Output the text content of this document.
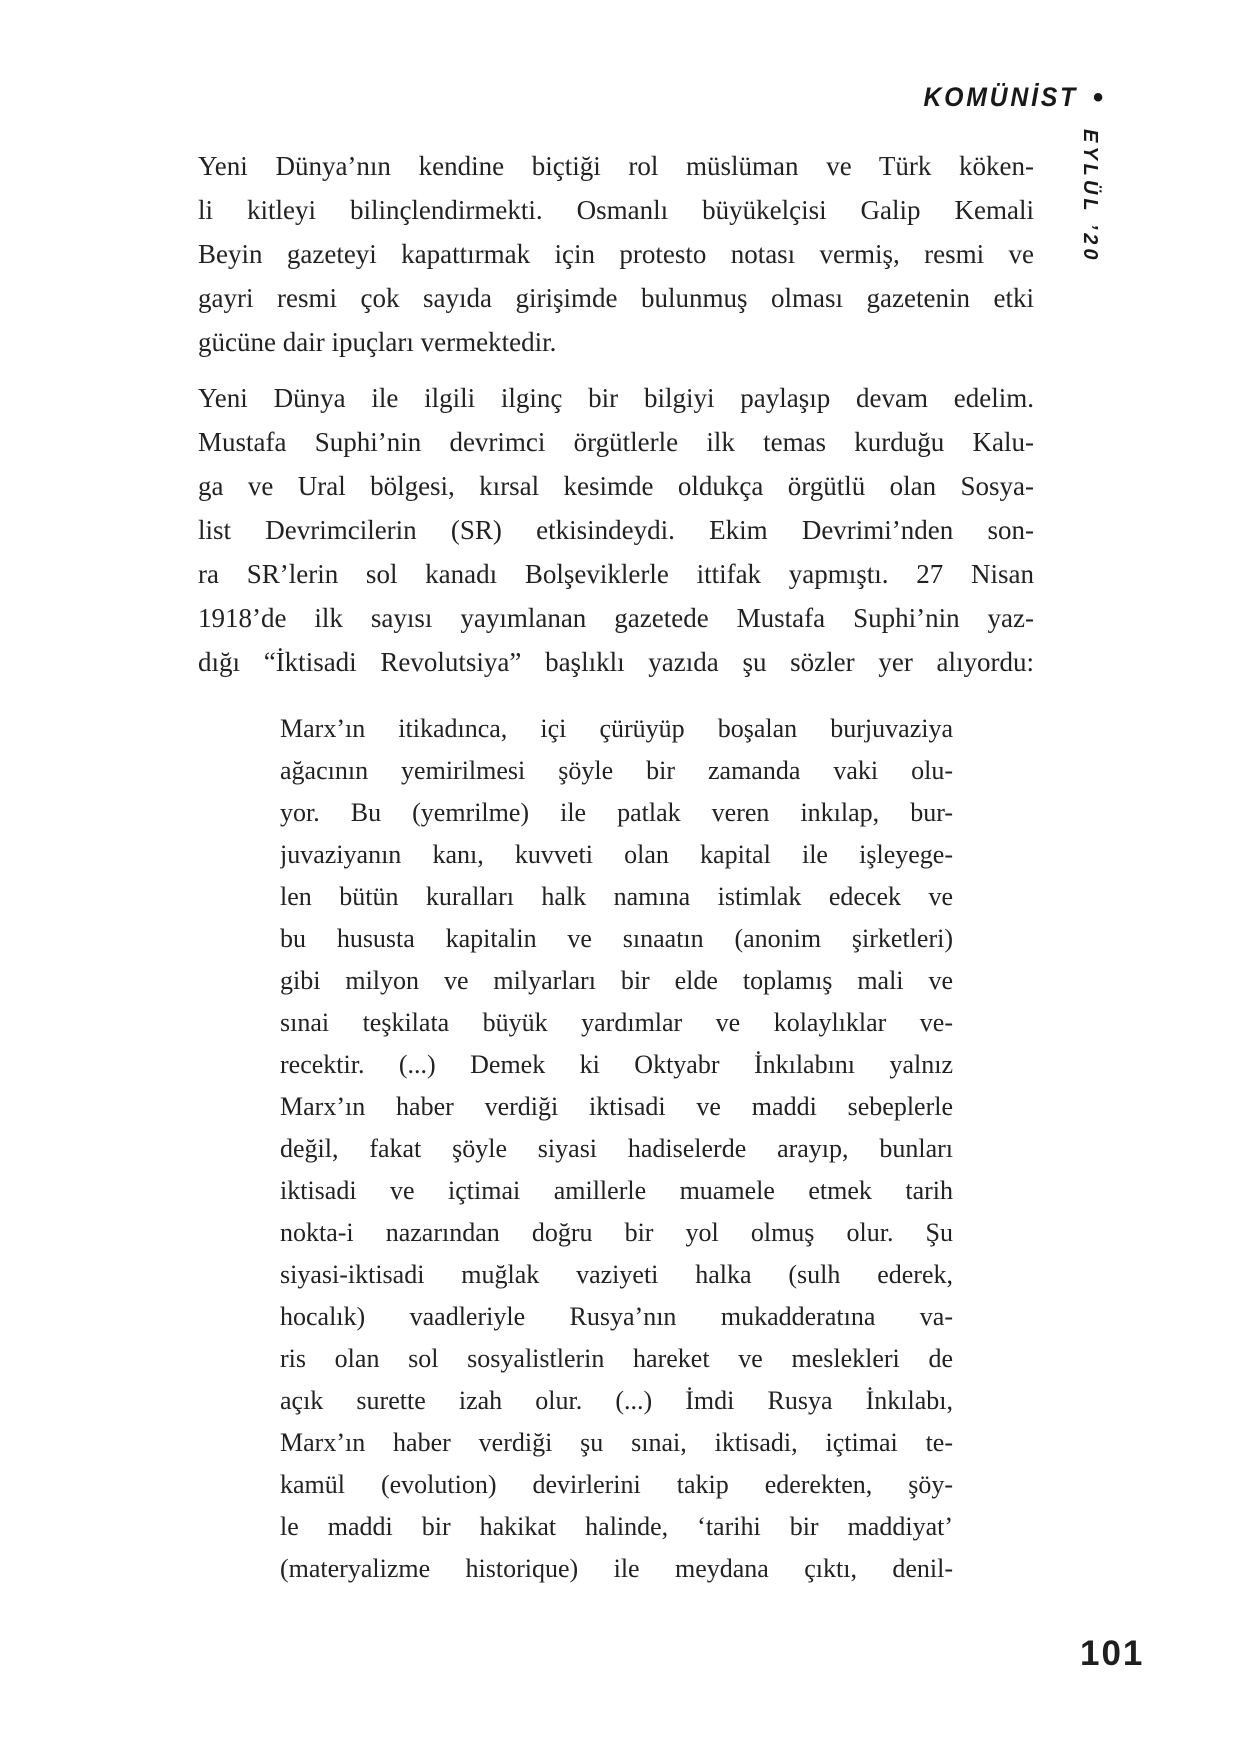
KOMÜNİST •
EYLÜL ’20
Yeni Dünya’nın kendine biçtiği rol müslüman ve Türk köken-
li kitleyi bilinçlendirmekti. Osmanlı büyükelçisi Galip Kemali
Beyin gazeteyi kapattırmak için protesto notası vermiş, resmi ve
gayri resmi çok sayıda girişimde bulunmuş olması gazetenin etki
gücüne dair ipuçları vermektedir.
Yeni Dünya ile ilgili ilginç bir bilgiyi paylaşıp devam edelim.
Mustafa Suphi’nin devrimci örgütlerle ilk temas kurduğu Kalu-
ga ve Ural bölgesi, kırsal kesimde oldukça örgütlü olan Sosya-
list Devrimcilerin (SR) etkisindeydi. Ekim Devrimi’nden son-
ra SR’lerin sol kanadı Bolşeviklerle ittifak yapmıştı. 27 Nisan
1918’de ilk sayısı yayımlanan gazetede Mustafa Suphi’nin yaz-
dığı “İktisadi Revolutsiya” başlıklı yazıda şu sözler yer alıyordu:
Marx’ın itikadınca, içi çürüyüp boşalan burjuvaziya
ağacının yemirilmesi şöyle bir zamanda vaki olu-
yor. Bu (yemrilme) ile patlak veren inkılap, bur-
juvaziyanın kanı, kuvveti olan kapital ile işleyege-
len bütün kuralları halk namına istimlak edecek ve
bu hususta kapitalin ve sınaatın (anonim şirketleri)
gibi milyon ve milyarları bir elde toplamış mali ve
sınai teşkilata büyük yardımlar ve kolaylıklar ve-
recektir. (...) Demek ki Oktyabr İnkılabını yalnız
Marx’ın haber verdiği iktisadi ve maddi sebeplerle
değil, fakat şöyle siyasi hadiselerde arayıp, bunları
iktisadi ve içtimai amillerle muamele etmek tarih
nokta-i nazarından doğru bir yol olmuş olur. Şu
siyasi-iktisadi muğlak vaziyeti halka (sulh ederek,
hocalık) vaadleriyle Rusya’nın mukadderatına va-
ris olan sol sosyalistlerin hareket ve meslekleri de
açık surette izah olur. (...) İmdi Rusya İnkılabı,
Marx’ın haber verdiği şu sınai, iktisadi, içtimai te-
kamül (evolution) devirlerini takip ederekten, şöy-
le maddi bir hakikat halinde, ‘tarihi bir maddiyat’
(materyalizme historique) ile meydana çıktı, denil-
101
